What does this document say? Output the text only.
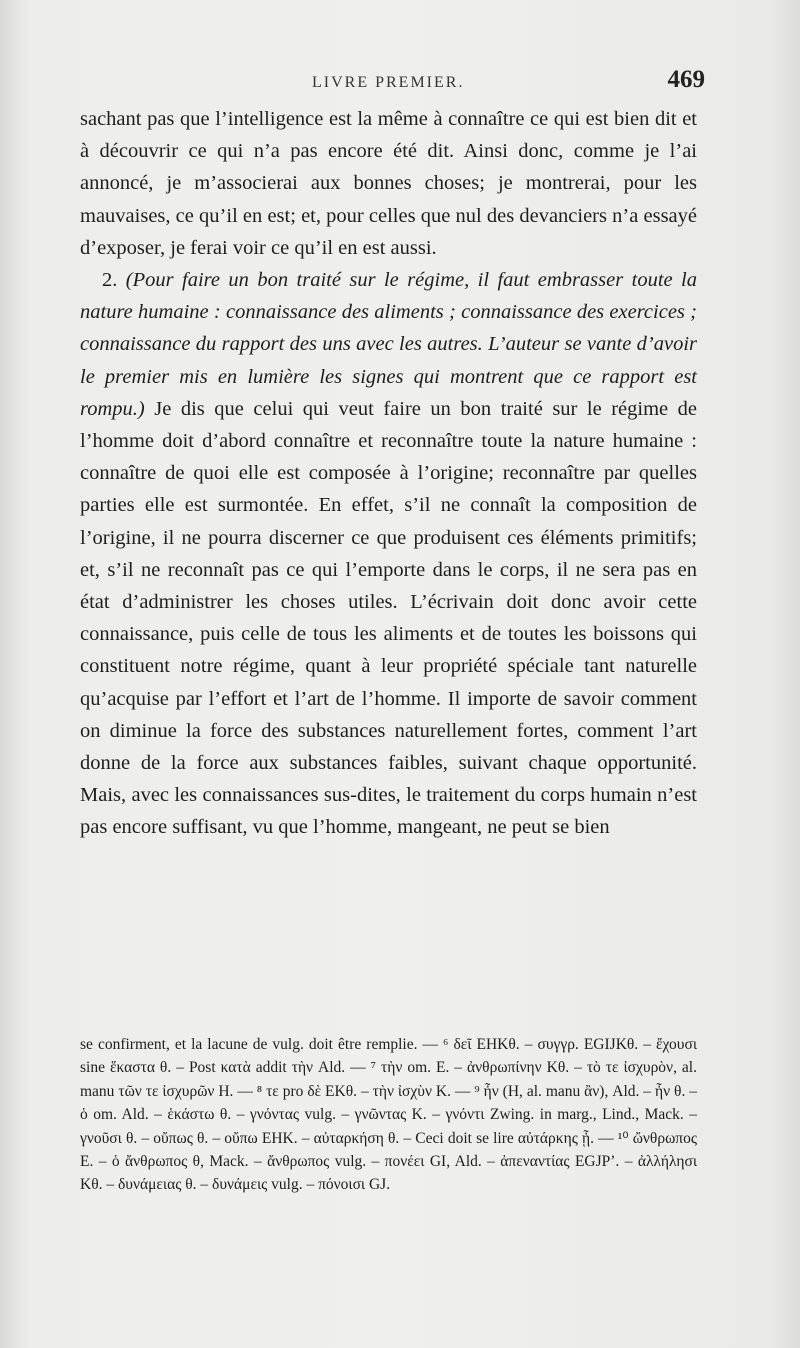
LIVRE PREMIER.	469

sachant pas que l’intelligence est la même à connaître ce qui est bien dit et à découvrir ce qui n’a pas encore été dit. Ainsi donc, comme je l’ai annoncé, je m’associerai aux bonnes choses; je montrerai, pour les mauvaises, ce qu’il en est; et, pour celles que nul des devanciers n’a essayé d’exposer, je ferai voir ce qu’il en est aussi.

2. (Pour faire un bon traité sur le régime, il faut embrasser toute la nature humaine : connaissance des aliments ; connaissance des exercices ; connaissance du rapport des uns avec les autres. L’auteur se vante d’avoir le premier mis en lumière les signes qui montrent que ce rapport est rompu.) Je dis que celui qui veut faire un bon traité sur le régime de l’homme doit d’abord connaître et reconnaître toute la nature humaine : connaître de quoi elle est composée à l’origine; reconnaître par quelles parties elle est surmontée. En effet, s’il ne connaît la composition de l’origine, il ne pourra discerner ce que produisent ces éléments primitifs; et, s’il ne reconnaît pas ce qui l’emporte dans le corps, il ne sera pas en état d’administrer les choses utiles. L’écrivain doit donc avoir cette connaissance, puis celle de tous les aliments et de toutes les boissons qui constituent notre régime, quant à leur propriété spéciale tant naturelle qu’acquise par l’effort et l’art de l’homme. Il importe de savoir comment on diminue la force des substances naturellement fortes, comment l’art donne de la force aux substances faibles, suivant chaque opportunité. Mais, avec les connaissances sus-dites, le traitement du corps humain n’est pas encore suffisant, vu que l’homme, mangeant, ne peut se bien

se confirment, et la lacune de vulg. doit être remplie. — ⁶ δεῖ EHKθ. – συγγρ. EGIJKθ. – ἔχουσι sine ἕκαστα θ. – Post κατὰ addit τὴν Ald. — ⁷ τὴν om. E. – ἀνθρωπίνην Kθ. – τὸ τε ἰσχυρὸν, al. manu τῶν τε ἰσχυρῶν H. — ⁸ τε pro δὲ EKθ. – τὴν ἰσχὺν K. — ⁹ ἦν (H, al. manu ἂν), Ald. – ἦν θ. – ὁ om. Ald. – ἑκάστω θ. – γνόντας vulg. – γνῶντας K. – γνόντι Zwing. in marg., Lind., Mack. – γνοῦσι θ. – οὔπως θ. – οὔπω EHK. – αὐταρκήση θ. – Ceci doit se lire αὐτάρκης ᾖ. — ¹⁰ ὤνθρωπος E. – ὁ ἄνθρωπος θ, Mack. – ἄνθρωπος vulg. – πονέει GI, Ald. – ἀπεναντίας EGJP’. – ἀλλήλησι Kθ. – δυνάμειας θ. – δυνάμεις vulg. – πόνοισι GJ.
